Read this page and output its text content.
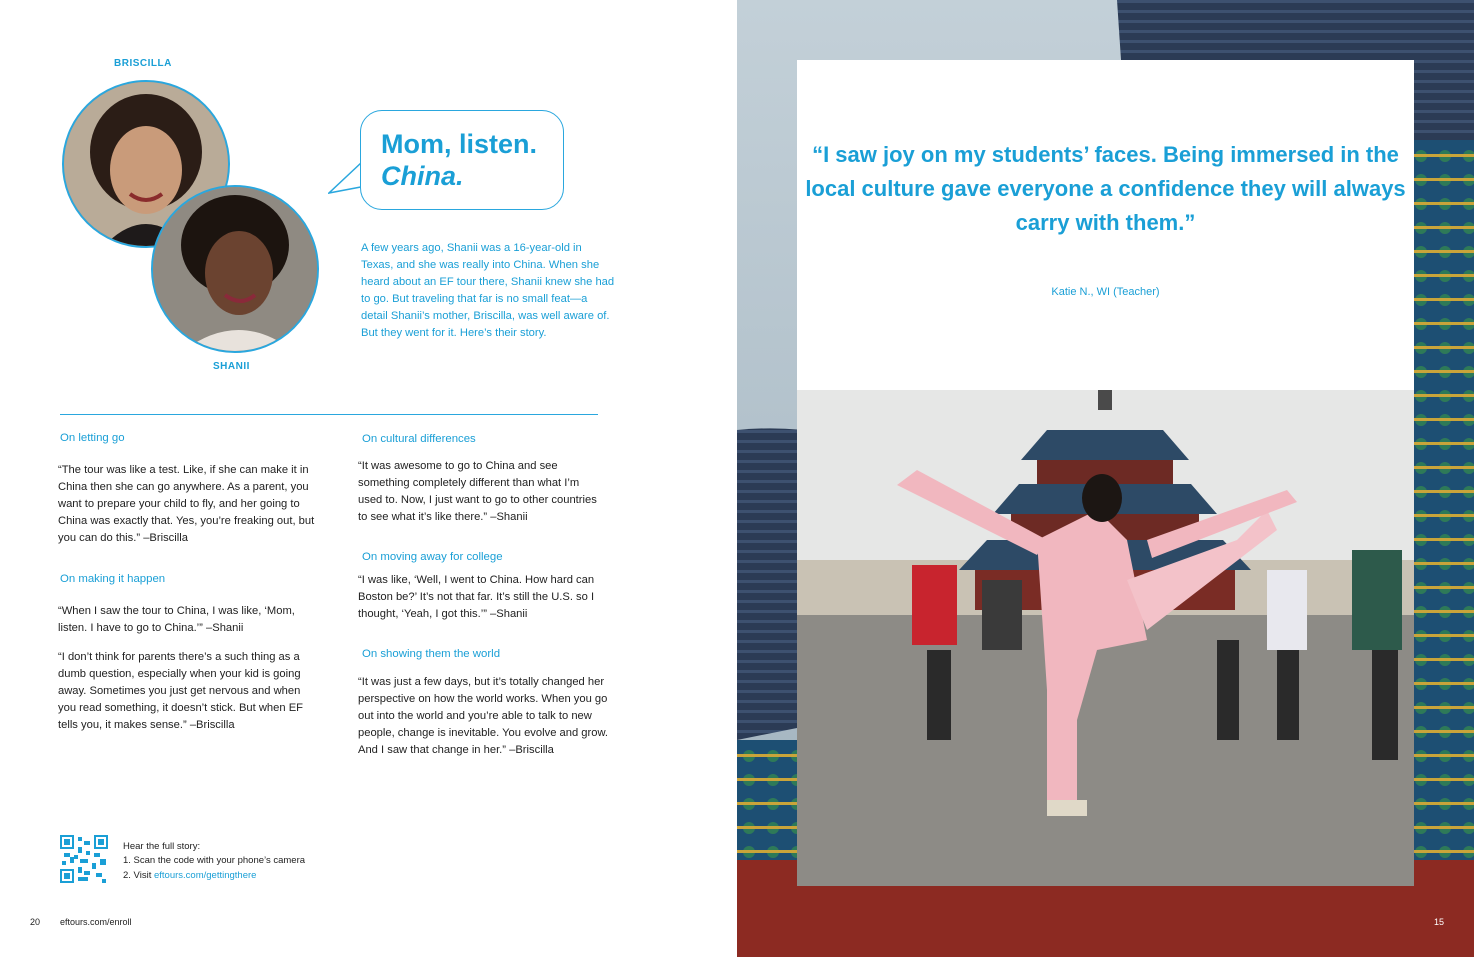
BRISCILLA
SHANII
Mom, listen.
China.
A few years ago, Shanii was a 16-year-old in Texas, and she was really into China. When she heard about an EF tour there, Shanii knew she had to go. But traveling that far is no small feat—a detail Shanii’s mother, Briscilla, was well aware of. But they went for it. Here’s their story.
On letting go
“The tour was like a test. Like, if she can make it in China then she can go anywhere. As a parent, you want to prepare your child to fly, and her going to China was exactly that. Yes, you’re freaking out, but you can do this.” –Briscilla
On making it happen
“When I saw the tour to China, I was like, ‘Mom, listen. I have to go to China.’” –Shanii
“I don’t think for parents there’s a such thing as a dumb question, especially when your kid is going away. Sometimes you just get nervous and when you read something, it doesn’t stick. But when EF tells you, it makes sense.” –Briscilla
On cultural differences
“It was awesome to go to China and see something completely different than what I’m used to. Now, I just want to go to other countries to see what it’s like there.” –Shanii
On moving away for college
“I was like, ‘Well, I went to China. How hard can Boston be?’ It’s not that far. It’s still the U.S. so I thought, ‘Yeah, I got this.’” –Shanii
On showing them the world
“It was just a few days, but it’s totally changed her perspective on how the world works. When you go out into the world and you’re able to talk to new people, change is inevitable. You evolve and grow. And I saw that change in her.” –Briscilla
Hear the full story:
1. Scan the code with your phone’s camera
2. Visit eftours.com/gettingthere
20 eftours.com/enroll
“I saw joy on my students’ faces. Being immersed in the local culture gave everyone a confidence they will always carry with them.”
Katie N., WI (Teacher)
15
